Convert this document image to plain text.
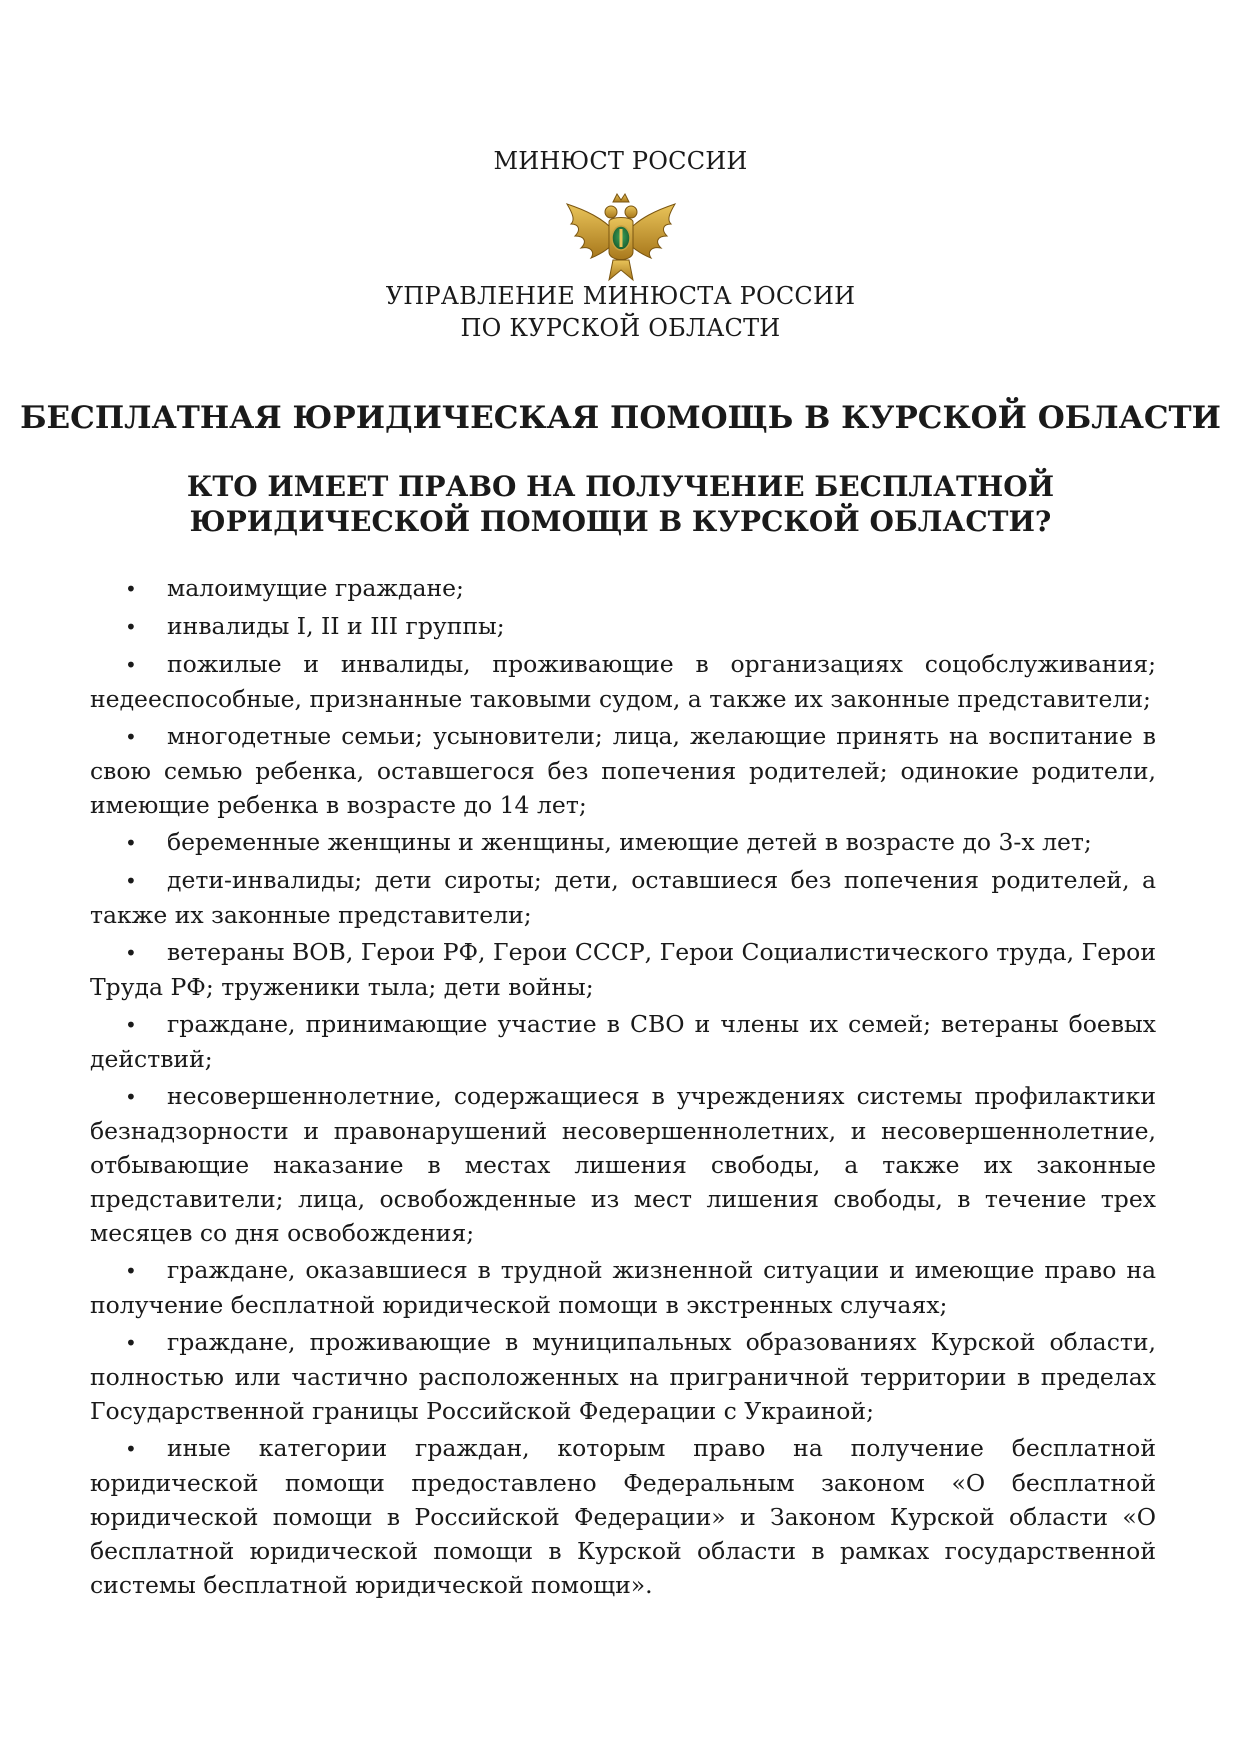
МИНЮСТ РОССИИ
УПРАВЛЕНИЕ МИНЮСТА РОССИИ
ПО КУРСКОЙ ОБЛАСТИ
БЕСПЛАТНАЯ ЮРИДИЧЕСКАЯ ПОМОЩЬ В КУРСКОЙ ОБЛАСТИ
КТО ИМЕЕТ ПРАВО НА ПОЛУЧЕНИЕ БЕСПЛАТНОЙ
ЮРИДИЧЕСКОЙ ПОМОЩИ В КУРСКОЙ ОБЛАСТИ?

• малоимущие граждане;

• инвалиды I, II и III группы;

• пожилые и инвалиды, проживающие в организациях соцобслуживания; недееспособные, признанные таковыми судом, а также их законные представители;

• многодетные семьи; усыновители; лица, желающие принять на воспитание в свою семью ребенка, оставшегося без попечения родителей; одинокие родители, имеющие ребенка в возрасте до 14 лет;

• беременные женщины и женщины, имеющие детей в возрасте до 3-х лет;

• дети-инвалиды; дети сироты; дети, оставшиеся без попечения родителей, а также их законные представители;

• ветераны ВОВ, Герои РФ, Герои СССР, Герои Социалистического труда, Герои Труда РФ; труженики тыла; дети войны;

• граждане, принимающие участие в СВО и члены их семей; ветераны боевых действий;

• несовершеннолетние, содержащиеся в учреждениях системы профилактики безнадзорности и правонарушений несовершеннолетних, и несовершеннолетние, отбывающие наказание в местах лишения свободы, а также их законные представители; лица, освобожденные из мест лишения свободы, в течение трех месяцев со дня освобождения;

• граждане, оказавшиеся в трудной жизненной ситуации и имеющие право на получение бесплатной юридической помощи в экстренных случаях;

• граждане, проживающие в муниципальных образованиях Курской области, полностью или частично расположенных на приграничной территории в пределах Государственной границы Российской Федерации с Украиной;

• иные категории граждан, которым право на получение бесплатной юридической помощи предоставлено Федеральным законом «О бесплатной юридической помощи в Российской Федерации» и Законом Курской области «О бесплатной юридической помощи в Курской области в рамках государственной системы бесплатной юридической помощи».
